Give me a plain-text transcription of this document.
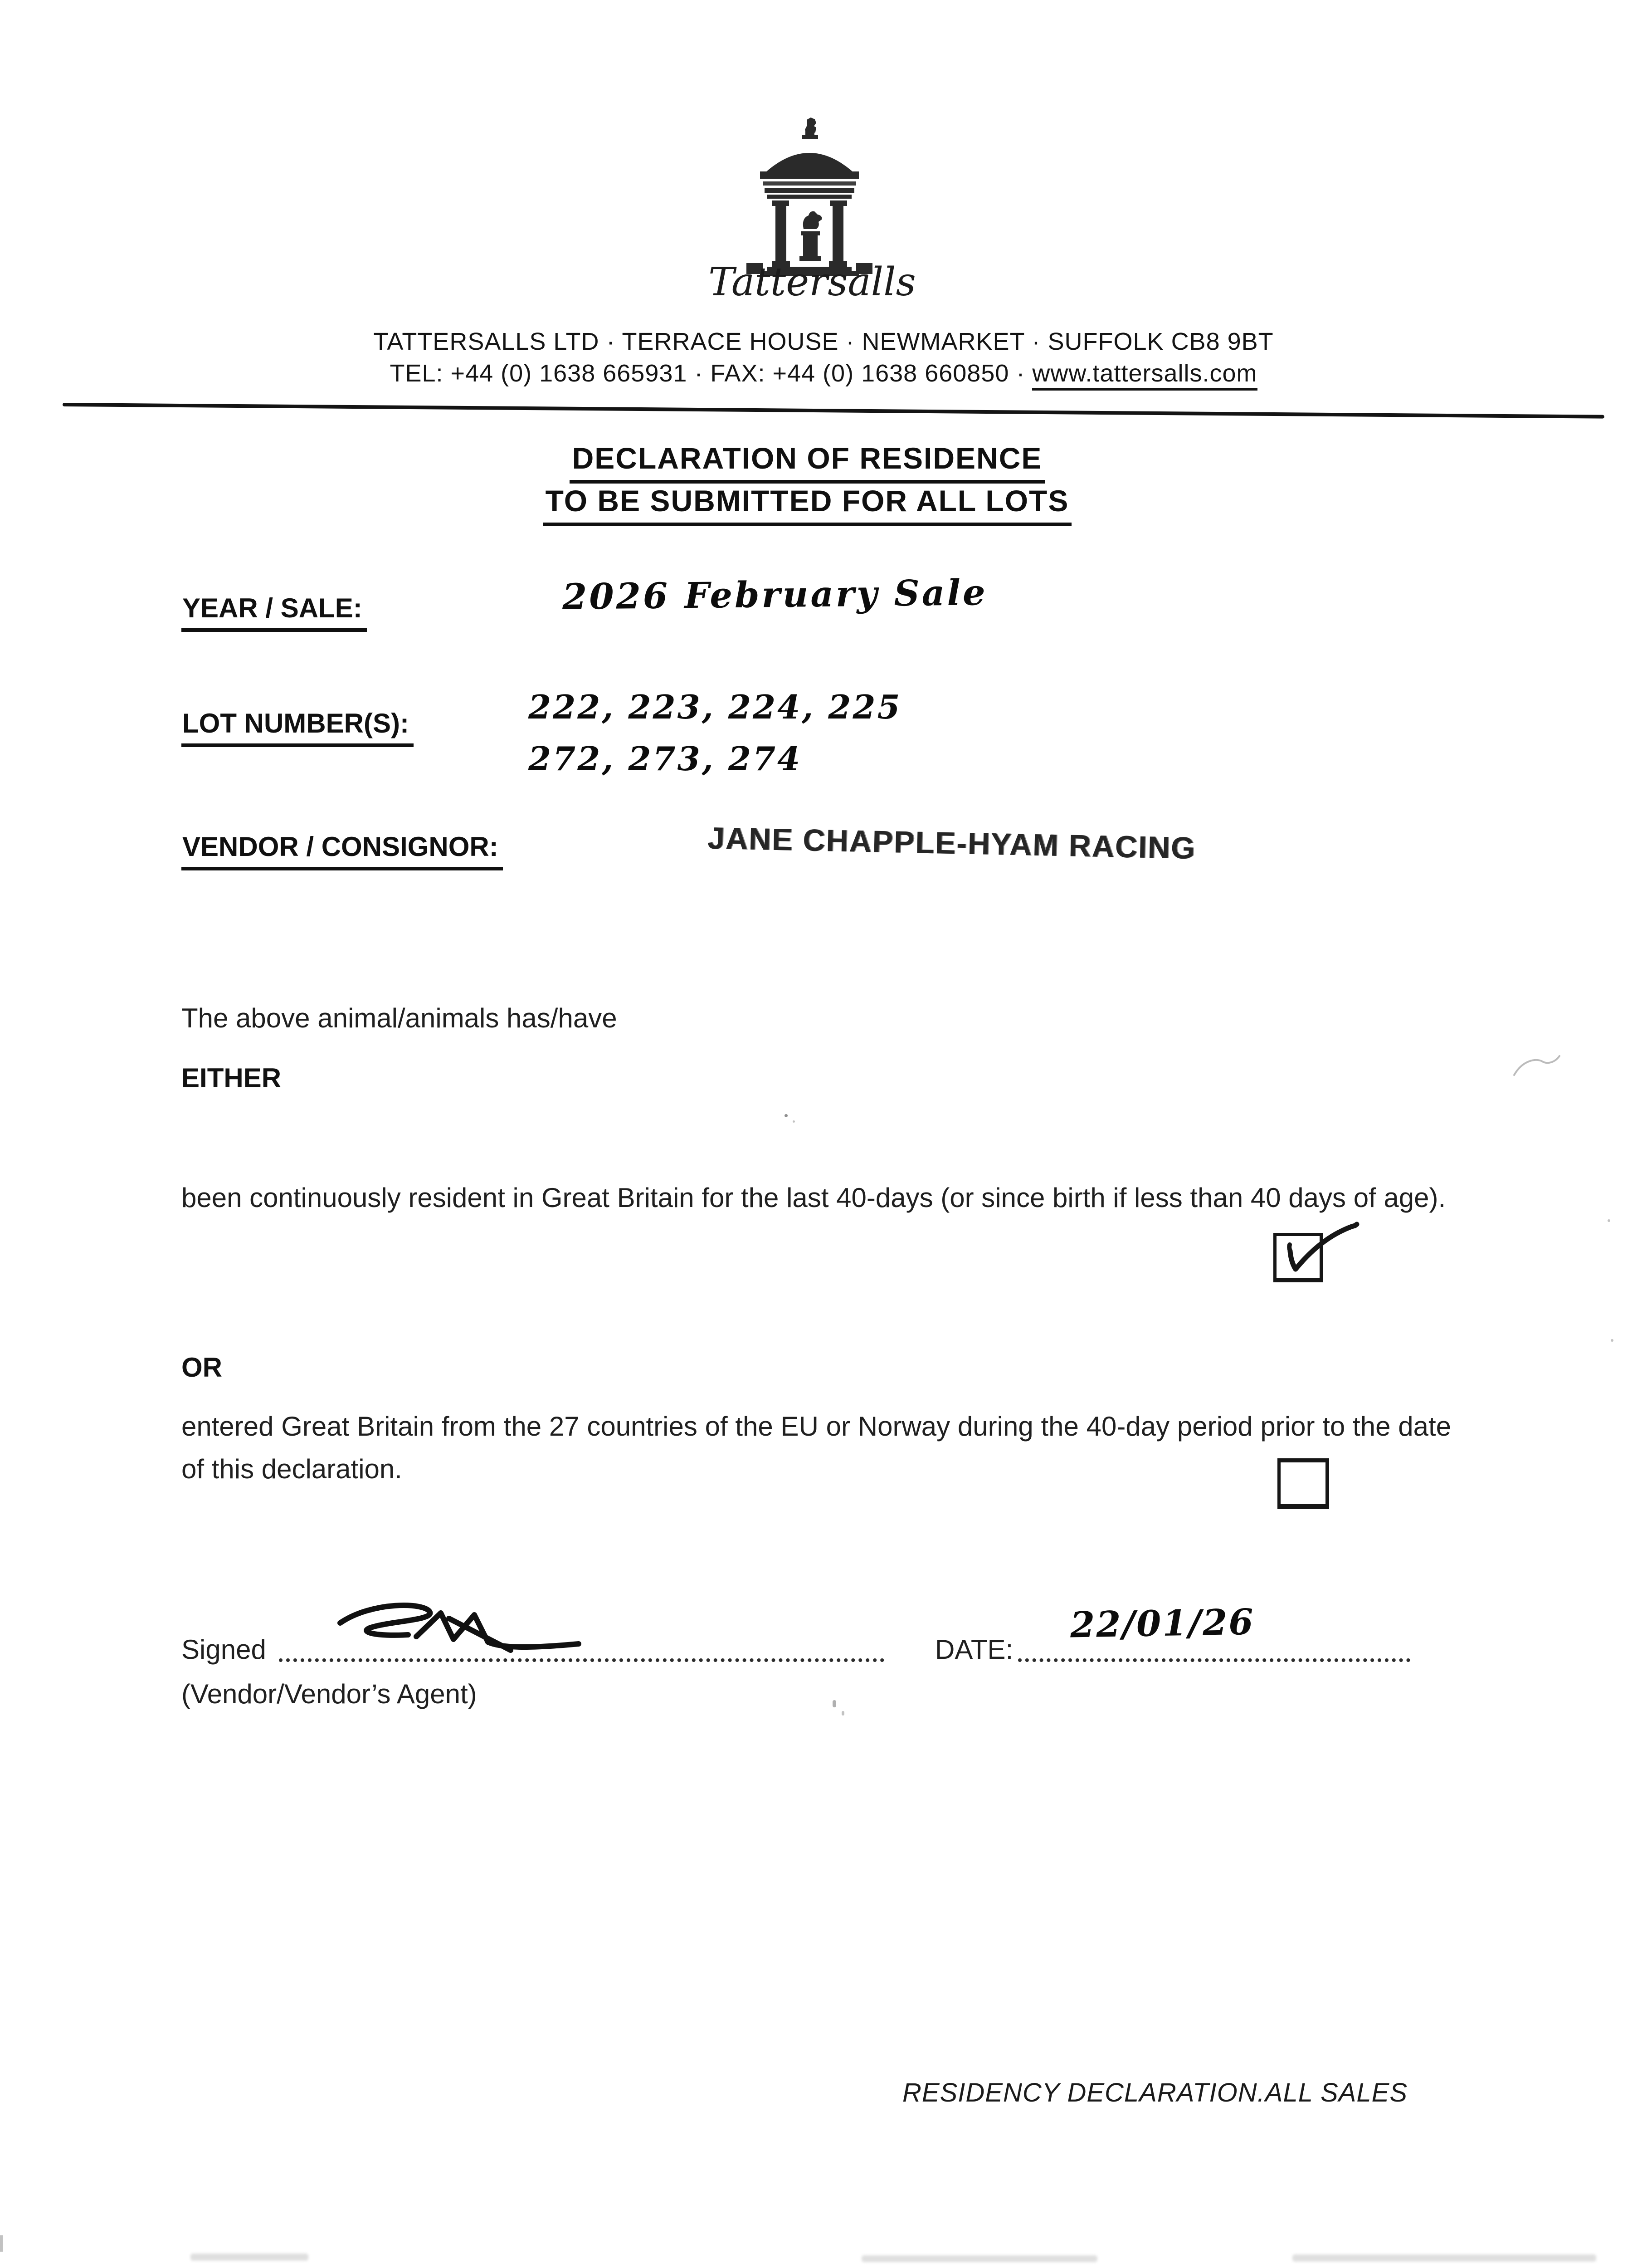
Tattersalls
TATTERSALLS LTD · TERRACE HOUSE · NEWMARKET · SUFFOLK CB8 9BT
TEL: +44 (0) 1638 665931 · FAX: +44 (0) 1638 660850 · www.tattersalls.com
DECLARATION OF RESIDENCE
TO BE SUBMITTED FOR ALL LOTS
YEAR / SALE:	2026 February Sale
LOT NUMBER(S):	222, 223, 224, 225
272, 273, 274
VENDOR / CONSIGNOR:	JANE CHAPPLE-HYAM RACING
The above animal/animals has/have
EITHER
been continuously resident in Great Britain for the last 40-days (or since birth if less than 40 days of age).
OR
entered Great Britain from the 27 countries of the EU or Norway during the 40-day period prior to the date of this declaration.
Signed	DATE:
22/01/26
(Vendor/Vendor’s Agent)
RESIDENCY DECLARATION.ALL SALES
